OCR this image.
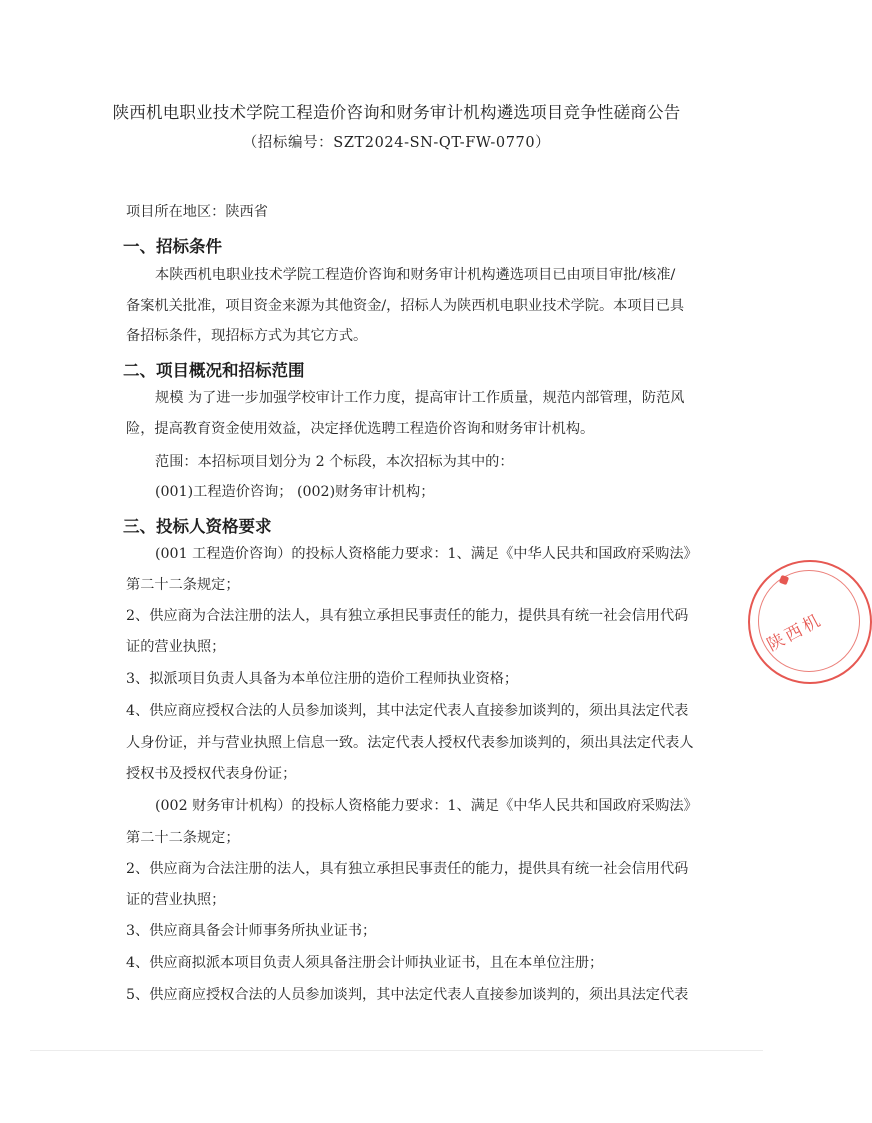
陕西机电职业技术学院工程造价咨询和财务审计机构遴选项目竞争性磋商公告
（招标编号：SZT2024-SN-QT-FW-0770）
项目所在地区：陕西省
一、招标条件
本陕西机电职业技术学院工程造价咨询和财务审计机构遴选项目已由项目审批/核准/
备案机关批准，项目资金来源为其他资金/，招标人为陕西机电职业技术学院。本项目已具
备招标条件，现招标方式为其它方式。
二、项目概况和招标范围
规模 为了进一步加强学校审计工作力度，提高审计工作质量，规范内部管理，防范风
险，提高教育资金使用效益，决定择优选聘工程造价咨询和财务审计机构。
范围：本招标项目划分为 2 个标段，本次招标为其中的：
(001)工程造价咨询； (002)财务审计机构；
三、投标人资格要求
(001 工程造价咨询）的投标人资格能力要求：1、满足《中华人民共和国政府采购法》
第二十二条规定；
2、供应商为合法注册的法人，具有独立承担民事责任的能力，提供具有统一社会信用代码
证的营业执照；
3、拟派项目负责人具备为本单位注册的造价工程师执业资格；
4、供应商应授权合法的人员参加谈判，其中法定代表人直接参加谈判的，须出具法定代表
人身份证，并与营业执照上信息一致。法定代表人授权代表参加谈判的，须出具法定代表人
授权书及授权代表身份证；
(002 财务审计机构）的投标人资格能力要求：1、满足《中华人民共和国政府采购法》
第二十二条规定；
2、供应商为合法注册的法人，具有独立承担民事责任的能力，提供具有统一社会信用代码
证的营业执照；
3、供应商具备会计师事务所执业证书；
4、供应商拟派本项目负责人须具备注册会计师执业证书，且在本单位注册；
5、供应商应授权合法的人员参加谈判，其中法定代表人直接参加谈判的，须出具法定代表
陕西机
